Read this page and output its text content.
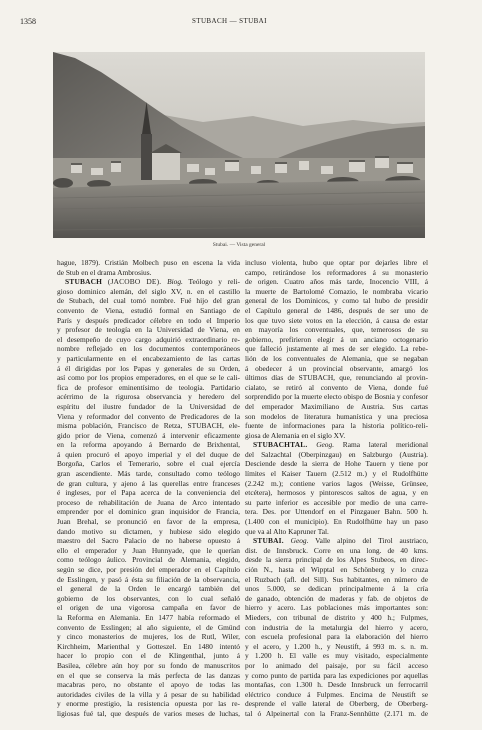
1358	STUBACH — STUBAI
Stubai. — Vista general
hague, 1879). Cristián Molbech puso en escena la vida
de Stub en el drama Ambrosius.
STUBACH (JACOBO DE). Biog. Teólogo y reli-
gioso dominico alemán, del siglo XV, n. en el castillo
de Stubach, del cual tomó nombre. Fué hijo del gran
convento de Viena, estudió formal en Santiago de
París y después predicador célebre en todo el Imperio
y profesor de teología en la Universidad de Viena, en
el desempeño de cuyo cargo adquirió extraordinario re-
nombre reflejado en los documentos contemporáneos
y particularmente en el encabezamiento de las cartas
á él dirigidas por los Papas y generales de su Orden,
así como por los propios emperadores, en el que se le cali-
fica de profesor eminentísimo de teología. Partidario
acérrimo de la rigurosa observancia y heredero del
espíritu del ilustre fundador de la Universidad de
Viena y reformador del convento de Predicadores de la
misma población, Francisco de Retza, STUBACH, ele-
gido prior de Viena, comenzó á intervenir eficazmente
en la reforma apoyando á Bernardo de Brixhental,
á quien procuró el apoyo imperial y el del duque de
Borgoña, Carlos el Temerario, sobre el cual ejercía
gran ascendiente. Más tarde, consultado como teólogo
de gran cultura, y ajeno á las querellas entre franceses
é ingleses, por el Papa acerca de la conveniencia del
proceso de rehabilitación de Juana de Arco intentado
emprender por el dominico gran inquisidor de Francia,
Juan Brehal, se pronunció en favor de la empresa,
dando motivo su dictamen, y hubiese sido elegido
maestro del Sacro Palacio de no haberse opuesto á
ello el emperador y Juan Hunnyade, que le querían
como teólogo áulico. Provincial de Alemania, elegido,
según se dice, por presión del emperador en el Capítulo
de Esslingen, y pasó á ésta su filiación de la observancia,
el general de la Orden le encargó también del
gobierno de los observantes, con lo cual señaló
el origen de una vigorosa campaña en favor de
la Reforma en Alemania. En 1477 había reformado el
convento de Esslingen; al año siguiente, el de Gmünd
y cinco monasterios de mujeres, los de Rutl, Wiler,
Kirchheim, Marienthal y Gotteszel. En 1480 intentó
hacer lo propio con el de Klingenthal, junto á
Basilea, célebre aún hoy por su fondo de manuscritos
en el que se conserva la más perfecta de las danzas
macabras pero, no obstante el apoyo de todas las
autoridades civiles de la villa y á pesar de su habilidad
y enorme prestigio, la resistencia opuesta por las re-
ligiosas fué tal, que después de varios meses de luchas,
incluso violenta, hubo que optar por dejarles libre el
campo, retirándose los reformadores á su monasterio
de origen. Cuatro años más tarde, Inocencio VIII, á
la muerte de Bartolomé Comazio, le nombraba vicario
general de los Dominicos, y como tal hubo de presidir
el Capítulo general de 1486, después de ser uno de
los que tuvo siete votos en la elección, á causa de estar
en mayoría los conventuales, que, temerosos de su
gobierno, prefirieron elegir á un anciano octogenario
que falleció justamente al mes de ser elegido. La rebe-
lión de los conventuales de Alemania, que se negaban
á obedecer á un provincial observante, amargó los
últimos días de STUBACH, que, renunciando al provin-
cialato, se retiró al convento de Viena, donde fué
sorprendido por la muerte electo obispo de Bosnia y confesor
del emperador Maximiliano de Austria. Sus cartas
son modelos de literatura humanística y una preciosa
fuente de informaciones para la historia político-reli-
giosa de Alemania en el siglo XV.
STUBACHTAL. Geog. Rama lateral meridional
del Salzachtal (Oberpinzgau) en Salzburgo (Austria).
Desciende desde la sierra de Hohe Tauern y tiene por
límites el Kaiser Tauern (2.512 m.) y el Rudolfhütte
(2.242 m.); contiene varios lagos (Weisse, Grünsee,
etcétera), hermosos y pintorescos saltos de agua, y en
su parte inferior es accesible por medio de una carre-
tera. Des. por Uttendorf en el Pinzgauer Bahn. 500 h.
(1.400 con el municipio). En Rudolfhütte hay un paso
que va al Alto Kapruner Tal.
STUBAI. Geog. Valle alpino del Tirol austriaco,
dist. de Innsbruck. Corre en una long. de 40 kms.
desde la sierra principal de los Alpes Stubeos, en direc-
ción N., hasta el Wipptal en Schönberg y lo cruza
el Ruzbach (afl. del Sill). Sus habitantes, en número de
unos 5.000, se dedican principalmente á la cría
de ganado, obtención de maderas y fab. de objetos de
hierro y acero. Las poblaciones más importantes son:
Mieders, con tribunal de distrito y 400 h.; Fulpmes,
con industria de la metalurgia del hierro y acero,
con escuela profesional para la elaboración del hierro
y el acero, y 1.200 h., y Neustift, á 993 m. s. n. m.
y 1.200 h. El valle es muy visitado, especialmente
por lo animado del paisaje, por su fácil acceso
y como punto de partida para las expediciones por aquellas
montañas, con 1.300 h. Desde Innsbruck un ferrocarril
eléctrico conduce á Fulpmes. Encima de Neustift se
desprende el valle lateral de Oberberg, de Oberberg-
tal ó Alpeinertal con la Franz-Sennhütte (2.171 m. de
